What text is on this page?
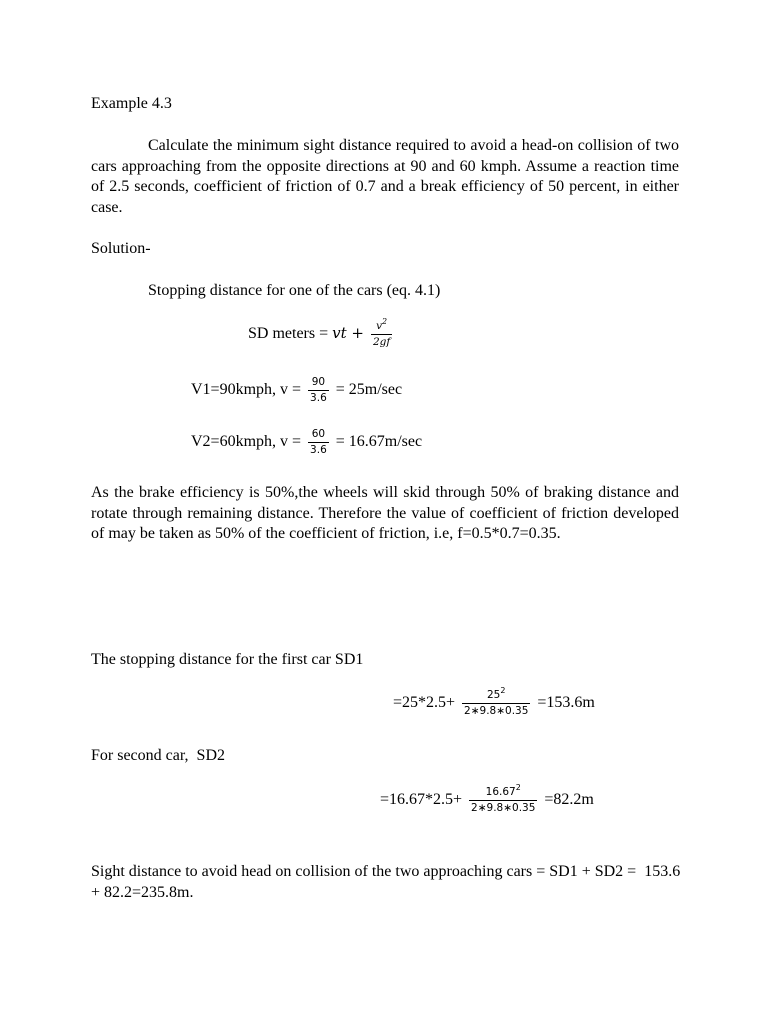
Example 4.3

Calculate the minimum sight distance required to avoid a head-on collision of two cars approaching from the opposite directions at 90 and 60 kmph. Assume a reaction time of 2.5 seconds, coefficient of friction of 0.7 and a break efficiency of 50 percent, in either case.

Solution-

Stopping distance for one of the cars (eq. 4.1)

SD meters = vt + $\frac{v^2}{2gf}$
V1=90kmph, $v = \frac{90}{3.6} = 25m/\sec$
V2=60kmph, $v = \frac{60}{3.6} = 16.67m/\sec$

As the brake efficiency is 50%,the wheels will skid through 50% of braking distance and rotate through remaining distance. Therefore the value of coefficient of friction developed of may be taken as 50% of the coefficient of friction, i.e, f=0.5*0.7=0.35.

The stopping distance for the first car SD1

$=25*2.5+ \frac{25^2}{2∗9.8∗0.35} =153.6m$

For second car,  SD2

$=16.67*2.5+ \frac{16.67^2}{2∗9.8∗0.35} =82.2m$

Sight distance to avoid head on collision of the two approaching cars = SD1 + SD2 =  153.6 + 82.2=235.8m.
